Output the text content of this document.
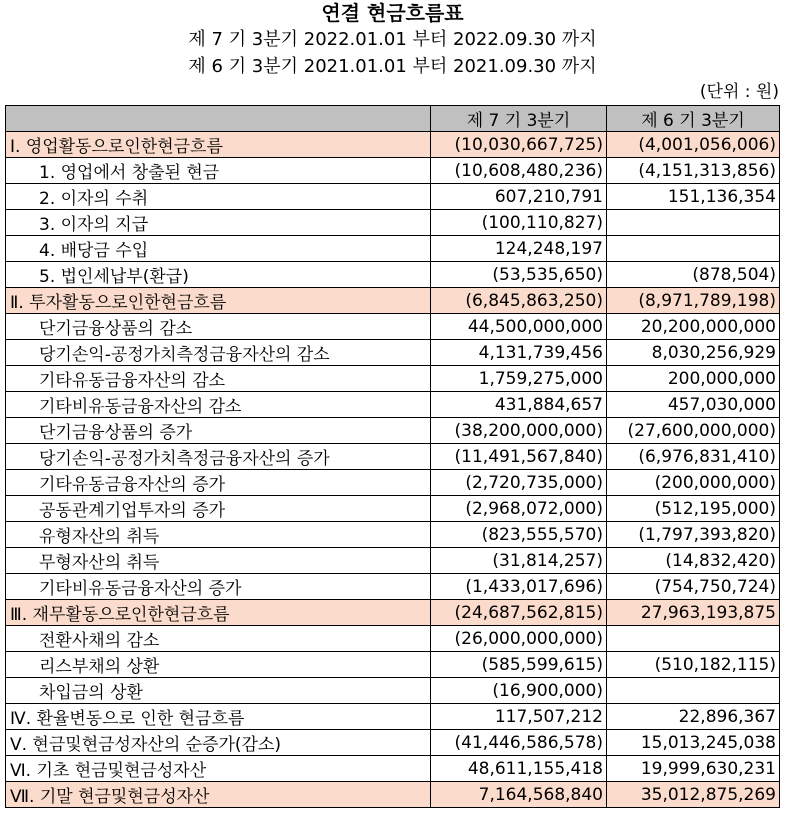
연결 현금흐름표
제 7 기 3분기 2022.01.01 부터 2022.09.30 까지
제 6 기 3분기 2021.01.01 부터 2021.09.30 까지
(단위 : 원)
	제 7 기 3분기	제 6 기 3분기
Ⅰ. 영업활동으로인한현금흐름	(10,030,667,725)	(4,001,056,006)
1. 영업에서 창출된 현금	(10,608,480,236)	(4,151,313,856)
2. 이자의 수취	607,210,791	151,136,354
3. 이자의 지급	(100,110,827)	
4. 배당금 수입	124,248,197	
5. 법인세납부(환급)	(53,535,650)	(878,504)
Ⅱ. 투자활동으로인한현금흐름	(6,845,863,250)	(8,971,789,198)
단기금융상품의 감소	44,500,000,000	20,200,000,000
당기손익-공정가치측정금융자산의 감소	4,131,739,456	8,030,256,929
기타유동금융자산의 감소	1,759,275,000	200,000,000
기타비유동금융자산의 감소	431,884,657	457,030,000
단기금융상품의 증가	(38,200,000,000)	(27,600,000,000)
당기손익-공정가치측정금융자산의 증가	(11,491,567,840)	(6,976,831,410)
기타유동금융자산의 증가	(2,720,735,000)	(200,000,000)
공동관계기업투자의 증가	(2,968,072,000)	(512,195,000)
유형자산의 취득	(823,555,570)	(1,797,393,820)
무형자산의 취득	(31,814,257)	(14,832,420)
기타비유동금융자산의 증가	(1,433,017,696)	(754,750,724)
Ⅲ. 재무활동으로인한현금흐름	(24,687,562,815)	27,963,193,875
전환사채의 감소	(26,000,000,000)	
리스부채의 상환	(585,599,615)	(510,182,115)
차입금의 상환	(16,900,000)	
Ⅳ. 환율변동으로 인한 현금흐름	117,507,212	22,896,367
Ⅴ. 현금및현금성자산의 순증가(감소)	(41,446,586,578)	15,013,245,038
Ⅵ. 기초 현금및현금성자산	48,611,155,418	19,999,630,231
Ⅶ. 기말 현금및현금성자산	7,164,568,840	35,012,875,269
